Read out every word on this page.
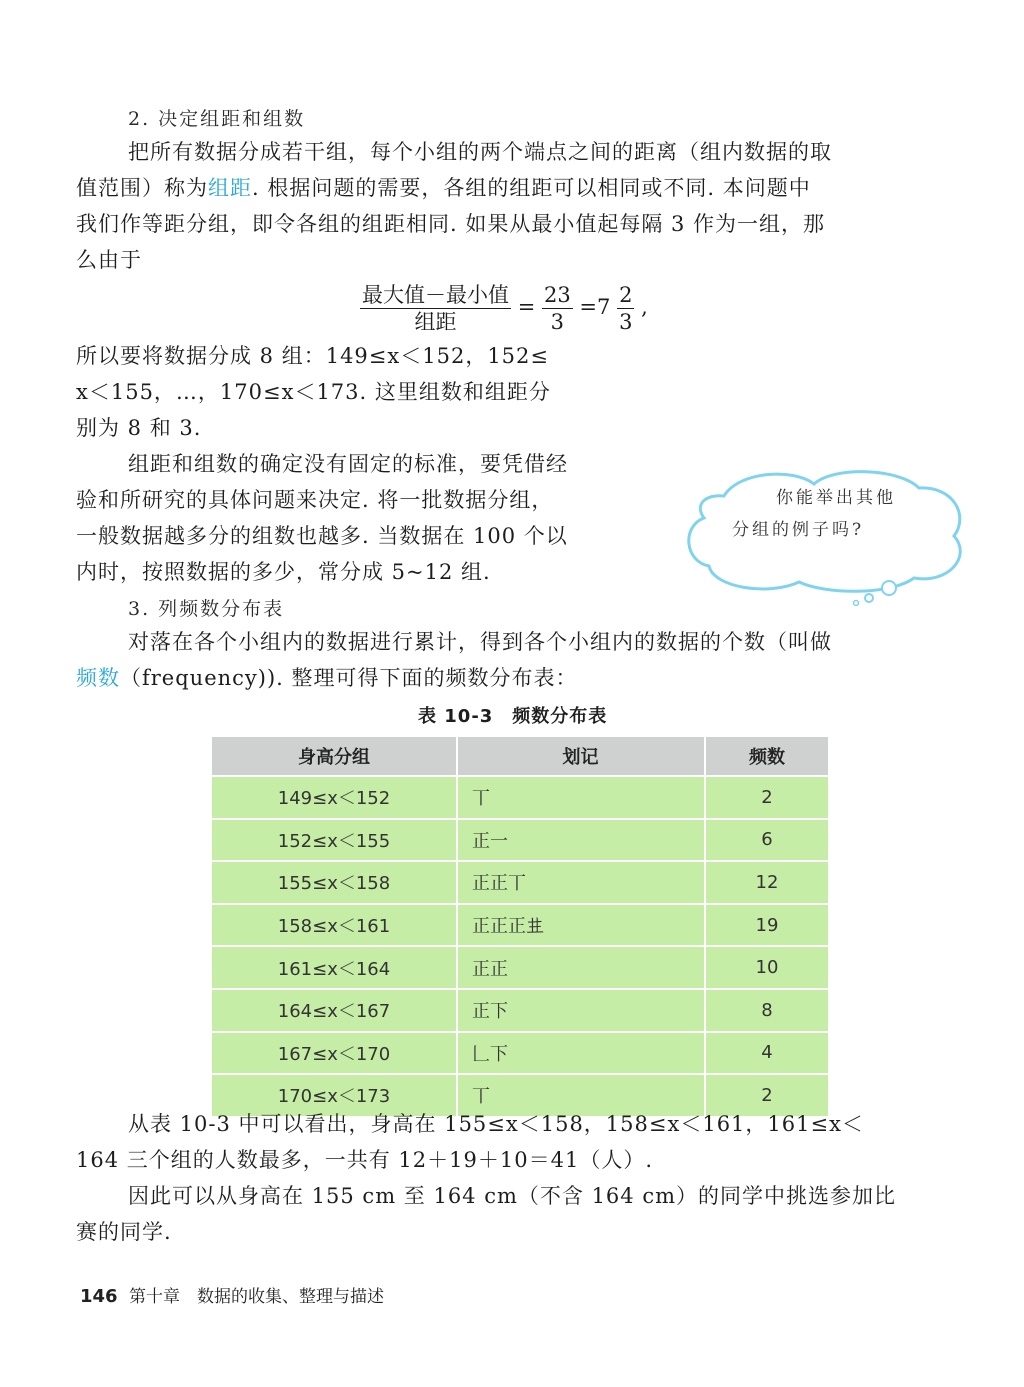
2. 决定组距和组数
把所有数据分成若干组，每个小组的两个端点之间的距离（组内数据的取
值范围）称为组距. 根据问题的需要，各组的组距可以相同或不同. 本问题中
我们作等距分组，即令各组的组距相同. 如果从最小值起每隔 3 作为一组，那
么由于
$\frac{\text{最大值－最小值}}{\text{组距}} = \frac{23}{3} =7 \frac{2}{3}$ ,
所以要将数据分成 8 组：149≤x＜152，152≤
x＜155，…，170≤x＜173. 这里组数和组距分
别为 8 和 3.
组距和组数的确定没有固定的标准，要凭借经
验和所研究的具体问题来决定. 将一批数据分组，
一般数据越多分的组数也越多. 当数据在 100 个以
内时，按照数据的多少，常分成 5~12 组.
你能举出其他
分组的例子吗?
3. 列频数分布表
对落在各个小组内的数据进行累计，得到各个小组内的数据的个数（叫做
频数（frequency)). 整理可得下面的频数分布表：
表 10-3　频数分布表
身高分组	划记	频数
149≤x＜152	丅	2
152≤x＜155	正一	6
155≤x＜158	正正丅	12
158≤x＜161	正正正𠀎	19
161≤x＜164	正正	10
164≤x＜167	正下	8
167≤x＜170	𠃊下	4
170≤x＜173	丅	2
从表 10-3 中可以看出，身高在 155≤x＜158，158≤x＜161，161≤x＜
164 三个组的人数最多，一共有 12＋19＋10＝41（人）.
因此可以从身高在 155 cm 至 164 cm（不含 164 cm）的同学中挑选参加比
赛的同学.
146 第十章　数据的收集、整理与描述
